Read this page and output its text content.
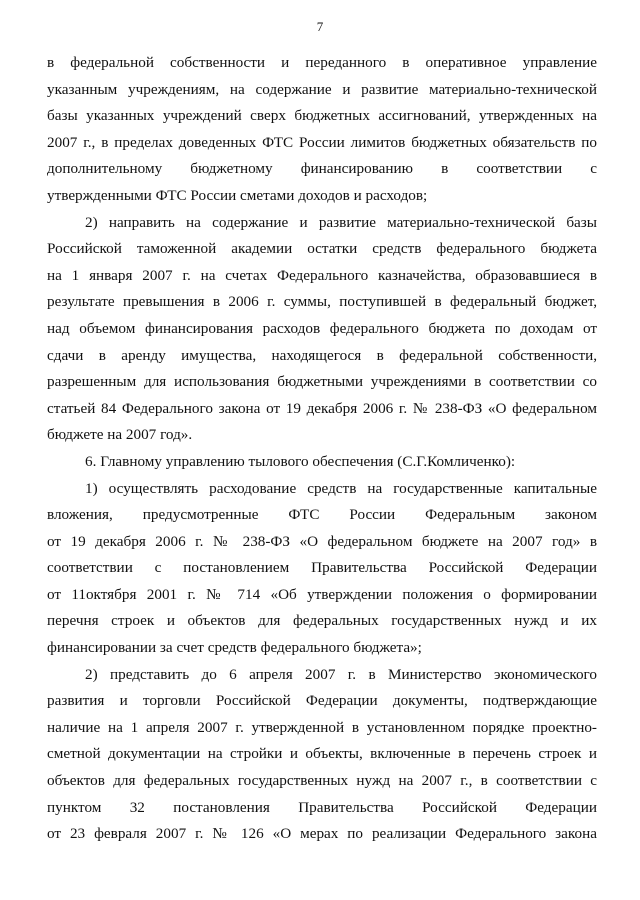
7
в федеральной собственности и переданного в оперативное управление
указанным учреждениям, на содержание и развитие материально-технической
базы указанных учреждений сверх бюджетных ассигнований, утвержденных на
2007 г., в пределах доведенных ФТС России лимитов бюджетных обязательств по
дополнительному бюджетному финансированию в соответствии с
утвержденными ФТС России сметами доходов и расходов;
2) направить на содержание и развитие материально-технической базы
Российской таможенной академии остатки средств федерального бюджета
на 1 января 2007 г. на счетах Федерального казначейства, образовавшиеся в
результате превышения в 2006 г. суммы, поступившей в федеральный бюджет,
над объемом финансирования расходов федерального бюджета по доходам от
сдачи в аренду имущества, находящегося в федеральной собственности,
разрешенным для использования бюджетными учреждениями в соответствии со
статьей 84 Федерального закона от 19 декабря 2006 г. № 238-ФЗ «О федеральном
бюджете на 2007 год».
6. Главному управлению тылового обеспечения (С.Г.Комличенко):
1) осуществлять расходование средств на государственные капитальные
вложения, предусмотренные ФТС России Федеральным законом
от 19 декабря 2006 г. № 238-ФЗ «О федеральном бюджете на 2007 год» в
соответствии с постановлением Правительства Российской Федерации
от 11октября 2001 г. № 714 «Об утверждении положения о формировании
перечня строек и объектов для федеральных государственных нужд и их
финансировании за счет средств федерального бюджета»;
2) представить до 6 апреля 2007 г. в Министерство экономического
развития и торговли Российской Федерации документы, подтверждающие
наличие на 1 апреля 2007 г. утвержденной в установленном порядке проектно-
сметной документации на стройки и объекты, включенные в перечень строек и
объектов для федеральных государственных нужд на 2007 г., в соответствии с
пунктом 32 постановления Правительства Российской Федерации
от 23 февраля 2007 г. № 126 «О мерах по реализации Федерального закона
